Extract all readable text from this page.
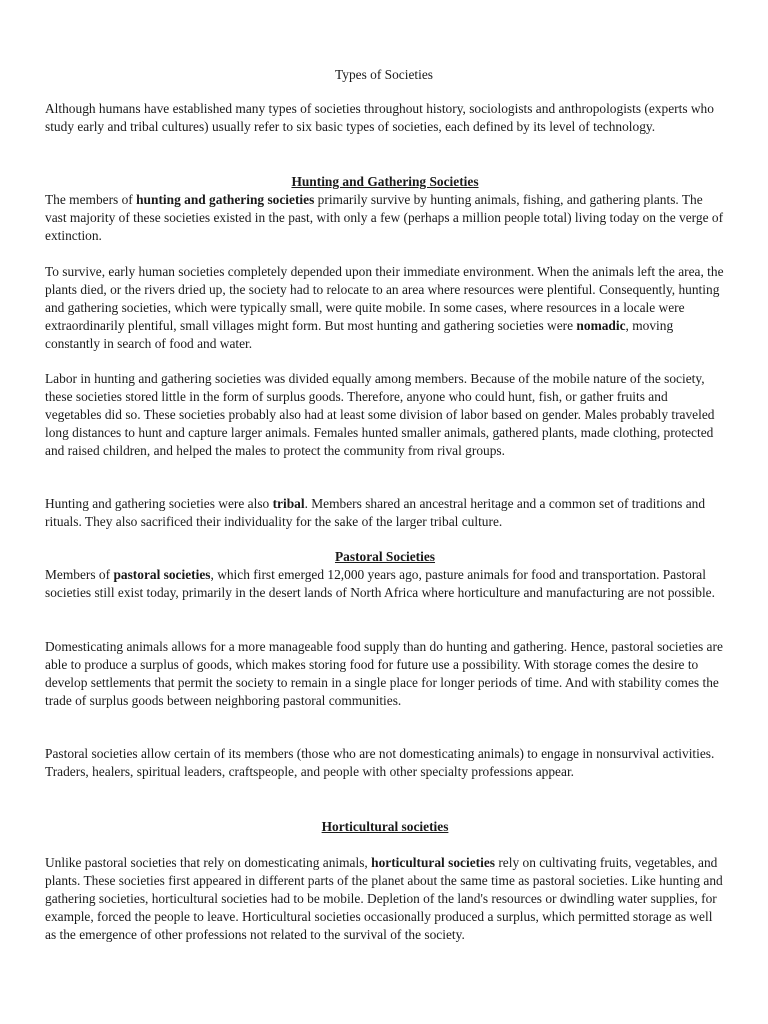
Types of Societies

Although humans have established many types of societies throughout history, sociologists and anthropologists (experts who study early and tribal cultures) usually refer to six basic types of societies, each defined by its level of technology.

Hunting and Gathering Societies

The members of hunting and gathering societies primarily survive by hunting animals, fishing, and gathering plants. The vast majority of these societies existed in the past, with only a few (perhaps a million people total) living today on the verge of extinction.

To survive, early human societies completely depended upon their immediate environment. When the animals left the area, the plants died, or the rivers dried up, the society had to relocate to an area where resources were plentiful. Consequently, hunting and gathering societies, which were typically small, were quite mobile. In some cases, where resources in a locale were extraordinarily plentiful, small villages might form. But most hunting and gathering societies were nomadic, moving constantly in search of food and water.

Labor in hunting and gathering societies was divided equally among members. Because of the mobile nature of the society, these societies stored little in the form of surplus goods. Therefore, anyone who could hunt, fish, or gather fruits and vegetables did so. These societies probably also had at least some division of labor based on gender. Males probably traveled long distances to hunt and capture larger animals. Females hunted smaller animals, gathered plants, made clothing, protected and raised children, and helped the males to protect the community from rival groups.

Hunting and gathering societies were also tribal. Members shared an ancestral heritage and a common set of traditions and rituals. They also sacrificed their individuality for the sake of the larger tribal culture.

Pastoral Societies

Members of pastoral societies, which first emerged 12,000 years ago, pasture animals for food and transportation. Pastoral societies still exist today, primarily in the desert lands of North Africa where horticulture and manufacturing are not possible.

Domesticating animals allows for a more manageable food supply than do hunting and gathering. Hence, pastoral societies are able to produce a surplus of goods, which makes storing food for future use a possibility. With storage comes the desire to develop settlements that permit the society to remain in a single place for longer periods of time. And with stability comes the trade of surplus goods between neighboring pastoral communities.

Pastoral societies allow certain of its members (those who are not domesticating animals) to engage in nonsurvival activities. Traders, healers, spiritual leaders, craftspeople, and people with other specialty professions appear.

Horticultural societies

Unlike pastoral societies that rely on domesticating animals, horticultural societies rely on cultivating fruits, vegetables, and plants. These societies first appeared in different parts of the planet about the same time as pastoral societies. Like hunting and gathering societies, horticultural societies had to be mobile. Depletion of the land's resources or dwindling water supplies, for example, forced the people to leave. Horticultural societies occasionally produced a surplus, which permitted storage as well as the emergence of other professions not related to the survival of the society.
